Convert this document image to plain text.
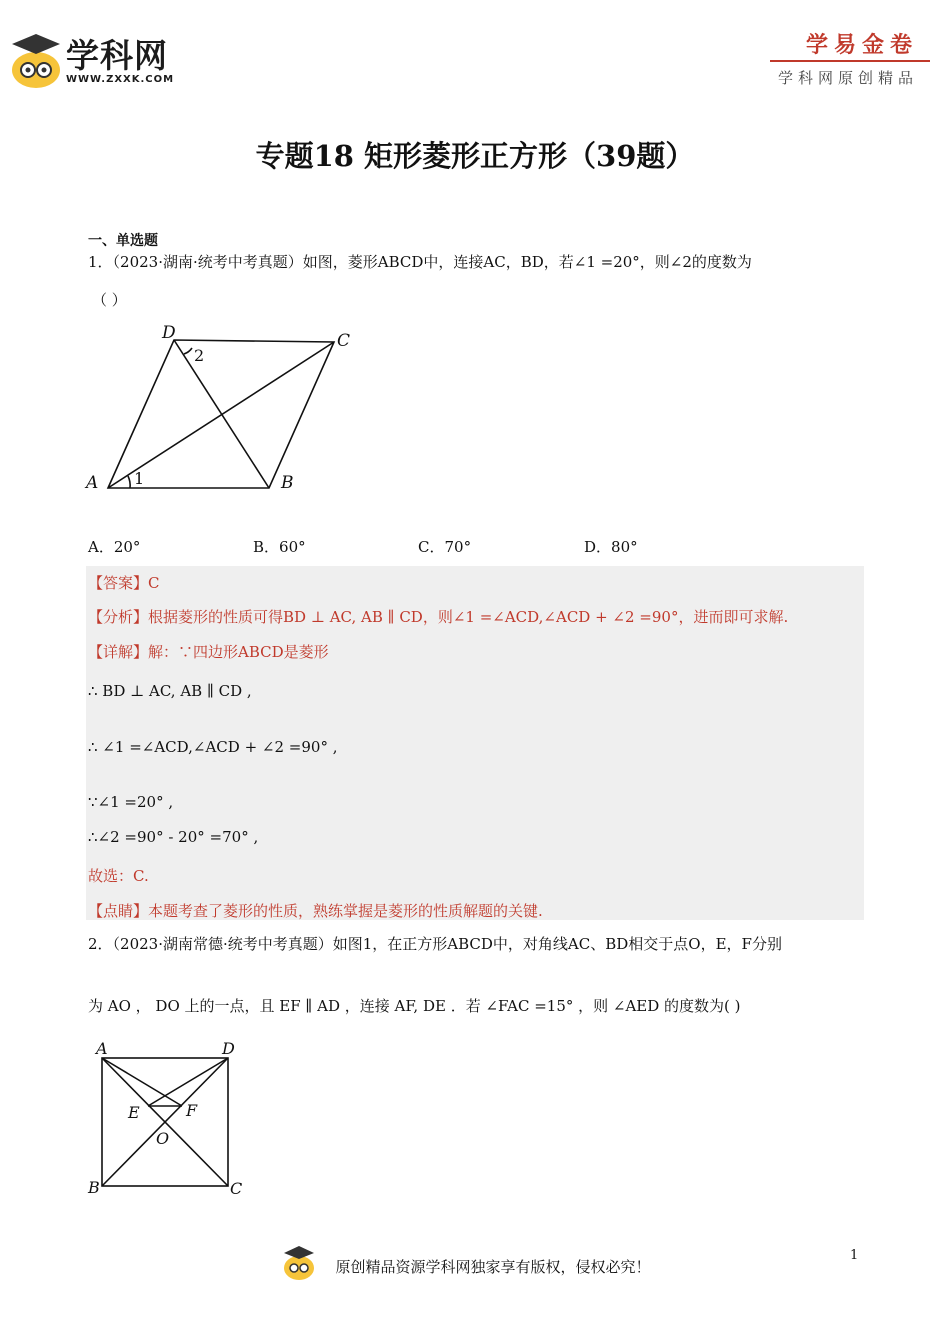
学科网
WWW.ZXXK.COM
学易金卷
学科网原创精品
专题18 矩形菱形正方形（39题）
一、单选题
1．（2023·湖南·统考中考真题）如图，菱形ABCD中，连接AC，BD，若∠1 =20°，则∠2的度数为
（ ）
A	B
C
D
1
2
A．20°	B．60°	C．70°	D．80°
【答案】C
【分析】根据菱形的性质可得BD ⊥ AC, AB ∥ CD，则∠1 =∠ACD,∠ACD + ∠2 =90°，进而即可求解.
【详解】解：∵四边形ABCD是菱形
∴ BD ⊥ AC, AB ∥ CD ,
∴ ∠1 =∠ACD,∠ACD + ∠2 =90° ,
∵∠1 =20° ,
∴∠2 =90° - 20° =70° ,
故选：C.
【点睛】本题考查了菱形的性质，熟练掌握是菱形的性质解题的关键.
2．（2023·湖南常德·统考中考真题）如图1，在正方形ABCD中，对角线AC、BD相交于点O，E，F分别
为 AO ， DO 上的一点，且 EF ∥ AD ，连接 AF, DE ．若 ∠FAC =15° ，则 ∠AED 的度数为( )
A	D
B	C
E	F
O
原创精品资源学科网独家享有版权，侵权必究！
1
